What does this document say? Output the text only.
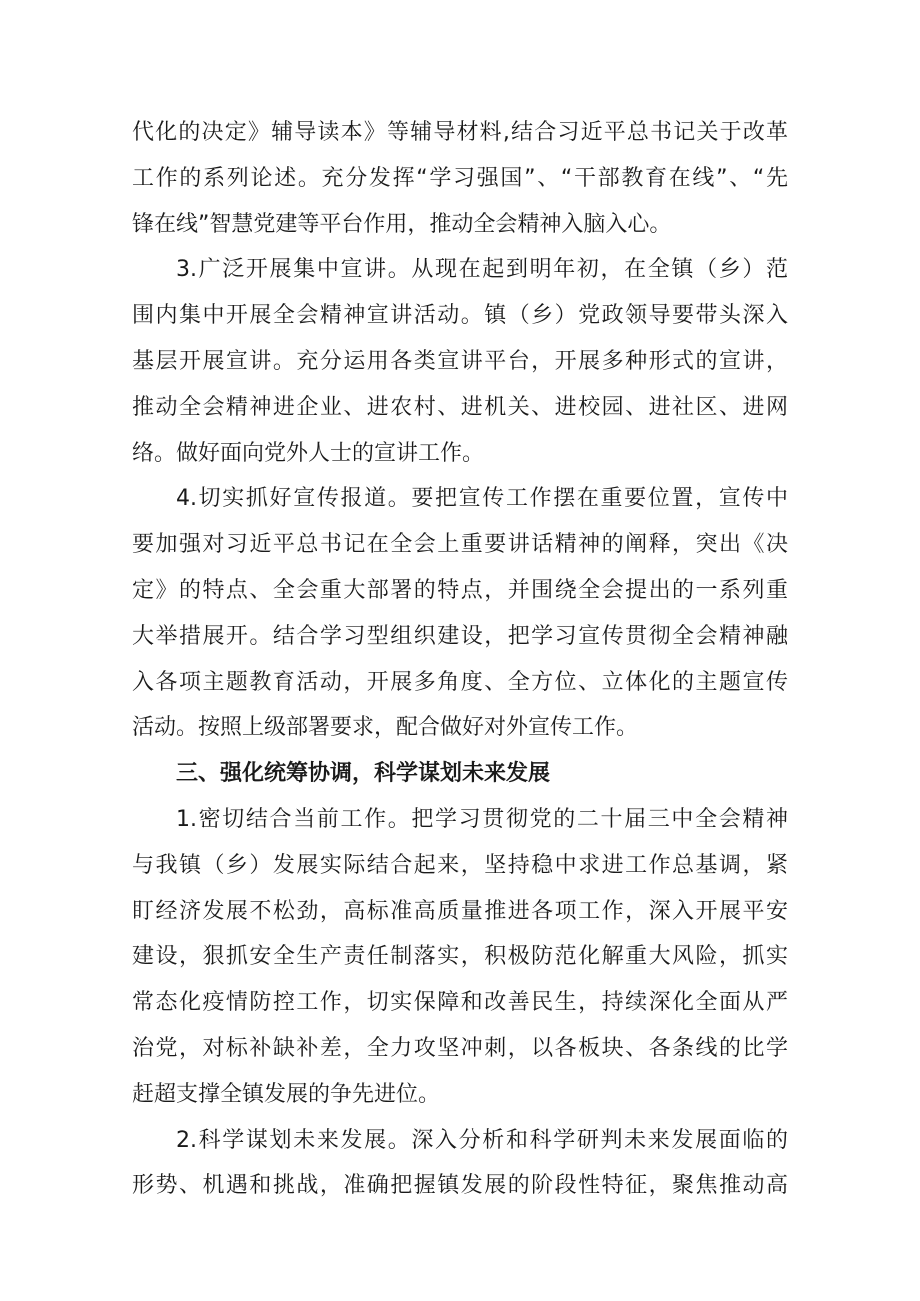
代化的决定》辅导读本》等辅导材料,结合习近平总书记关于改革
工作的系列论述。充分发挥“学习强国”、“干部教育在线”、“先
锋在线”智慧党建等平台作用，推动全会精神入脑入心。
3.广泛开展集中宣讲。从现在起到明年初，在全镇（乡）范
围内集中开展全会精神宣讲活动。镇（乡）党政领导要带头深入
基层开展宣讲。充分运用各类宣讲平台，开展多种形式的宣讲，
推动全会精神进企业、进农村、进机关、进校园、进社区、进网
络。做好面向党外人士的宣讲工作。
4.切实抓好宣传报道。要把宣传工作摆在重要位置，宣传中
要加强对习近平总书记在全会上重要讲话精神的阐释，突出《决
定》的特点、全会重大部署的特点，并围绕全会提出的一系列重
大举措展开。结合学习型组织建设，把学习宣传贯彻全会精神融
入各项主题教育活动，开展多角度、全方位、立体化的主题宣传
活动。按照上级部署要求，配合做好对外宣传工作。
三、强化统筹协调，科学谋划未来发展
1.密切结合当前工作。把学习贯彻党的二十届三中全会精神
与我镇（乡）发展实际结合起来，坚持稳中求进工作总基调，紧
盯经济发展不松劲，高标准高质量推进各项工作，深入开展平安
建设，狠抓安全生产责任制落实，积极防范化解重大风险，抓实
常态化疫情防控工作，切实保障和改善民生，持续深化全面从严
治党，对标补缺补差，全力攻坚冲刺，以各板块、各条线的比学
赶超支撑全镇发展的争先进位。
2.科学谋划未来发展。深入分析和科学研判未来发展面临的
形势、机遇和挑战，准确把握镇发展的阶段性特征，聚焦推动高
